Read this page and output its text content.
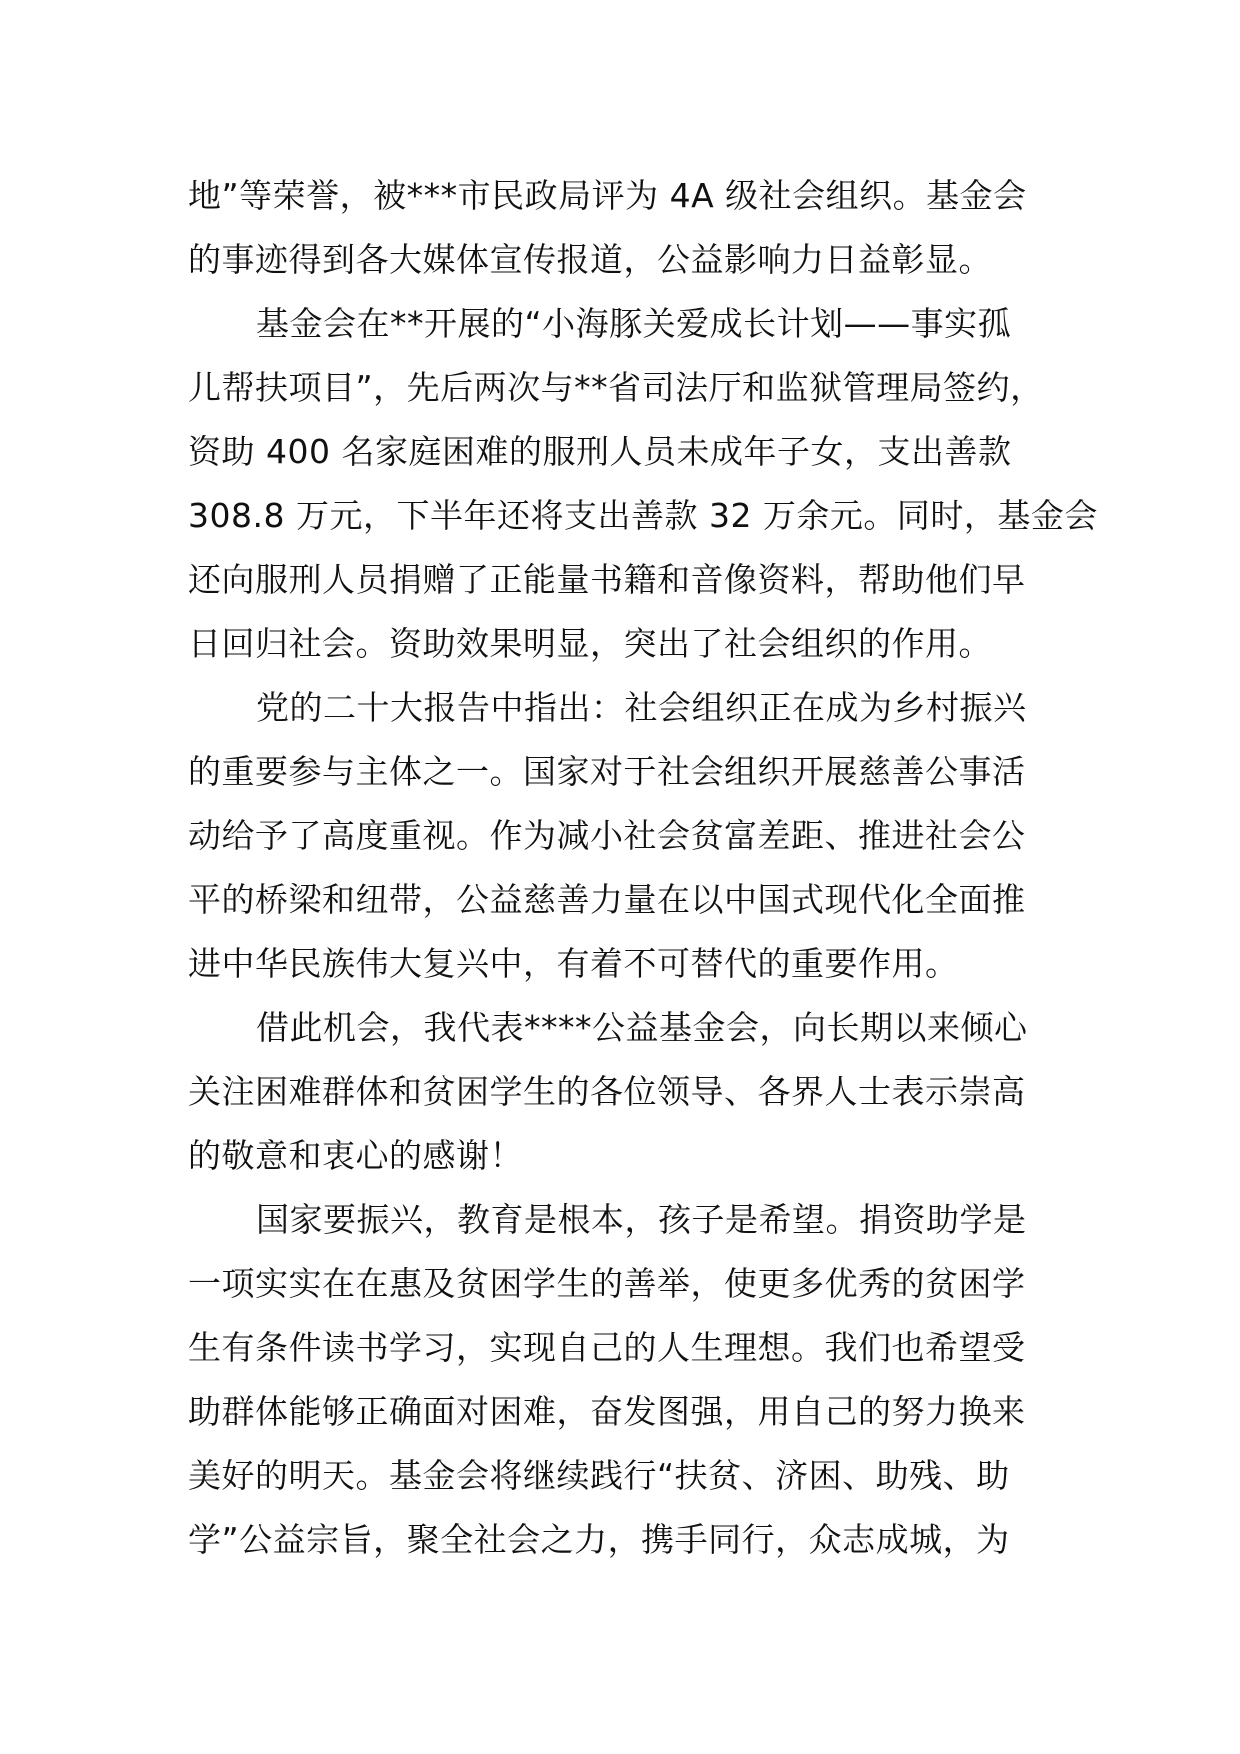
地”等荣誉，被***市民政局评为 4A 级社会组织。基金会
的事迹得到各大媒体宣传报道，公益影响力日益彰显。
基金会在**开展的“小海豚关爱成长计划——事实孤
儿帮扶项目”，先后两次与**省司法厅和监狱管理局签约，
资助 400 名家庭困难的服刑人员未成年子女，支出善款
308.8 万元，下半年还将支出善款 32 万余元。同时，基金会
还向服刑人员捐赠了正能量书籍和音像资料，帮助他们早
日回归社会。资助效果明显，突出了社会组织的作用。
党的二十大报告中指出：社会组织正在成为乡村振兴
的重要参与主体之一。国家对于社会组织开展慈善公事活
动给予了高度重视。作为减小社会贫富差距、推进社会公
平的桥梁和纽带，公益慈善力量在以中国式现代化全面推
进中华民族伟大复兴中，有着不可替代的重要作用。
借此机会，我代表****公益基金会，向长期以来倾心
关注困难群体和贫困学生的各位领导、各界人士表示崇高
的敬意和衷心的感谢！
国家要振兴，教育是根本，孩子是希望。捐资助学是
一项实实在在惠及贫困学生的善举，使更多优秀的贫困学
生有条件读书学习，实现自己的人生理想。我们也希望受
助群体能够正确面对困难，奋发图强，用自己的努力换来
美好的明天。基金会将继续践行“扶贫、济困、助残、助
学”公益宗旨，聚全社会之力，携手同行，众志成城，为
